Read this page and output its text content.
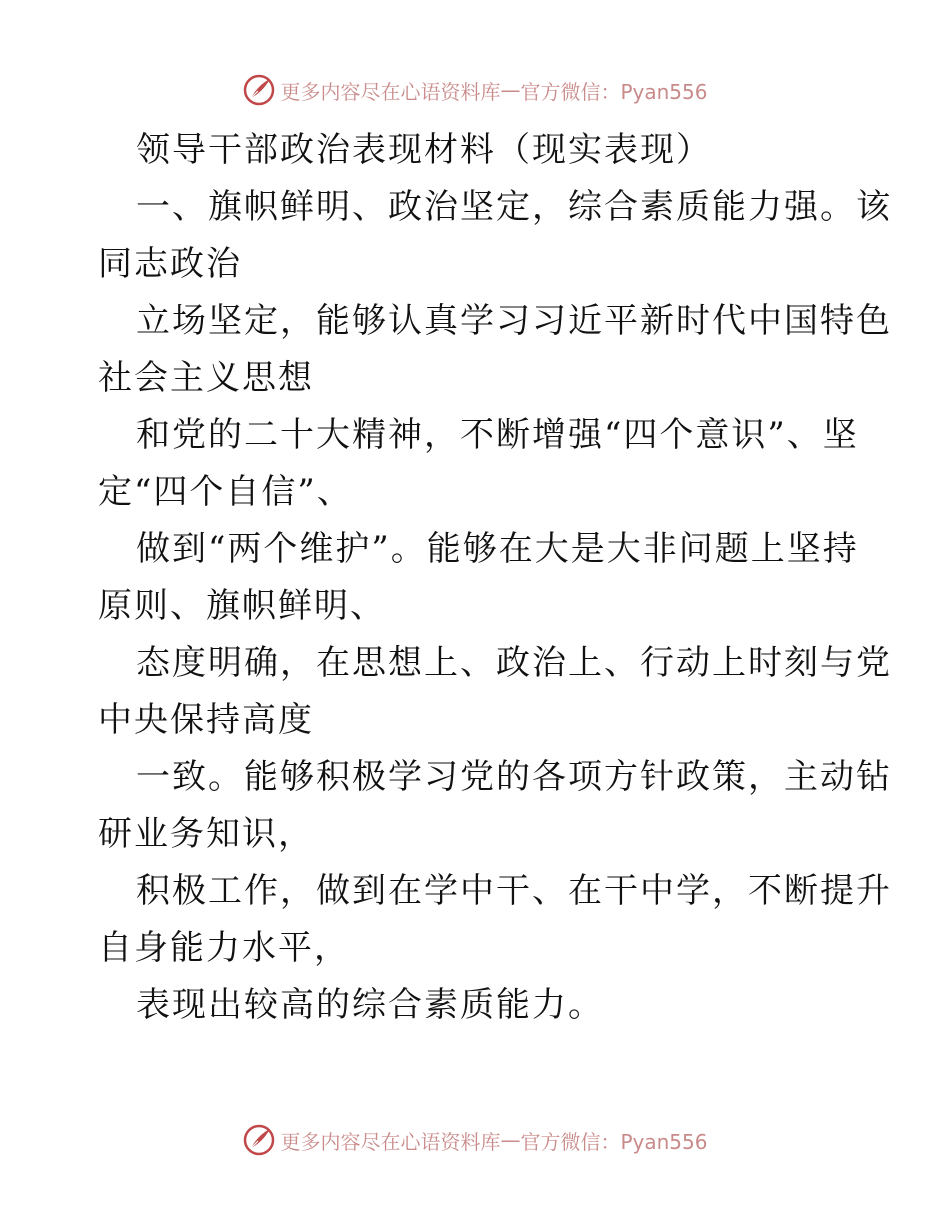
更多内容尽在心语资料库 — 官方微信：Pyan556
领导干部政治表现材料（现实表现）
一、旗帜鲜明、政治坚定，综合素质能力强。该
同志政治
立场坚定，能够认真学习习近平新时代中国特色
社会主义思想
和党的二十大精神，不断增强“四个意识”、坚
定“四个自信”、
做到“两个维护”。能够在大是大非问题上坚持
原则、旗帜鲜明、
态度明确，在思想上、政治上、行动上时刻与党
中央保持高度
一致。能够积极学习党的各项方针政策，主动钻
研业务知识，
积极工作，做到在学中干、在干中学，不断提升
自身能力水平，
表现出较高的综合素质能力。
更多内容尽在心语资料库 — 官方微信：Pyan556
